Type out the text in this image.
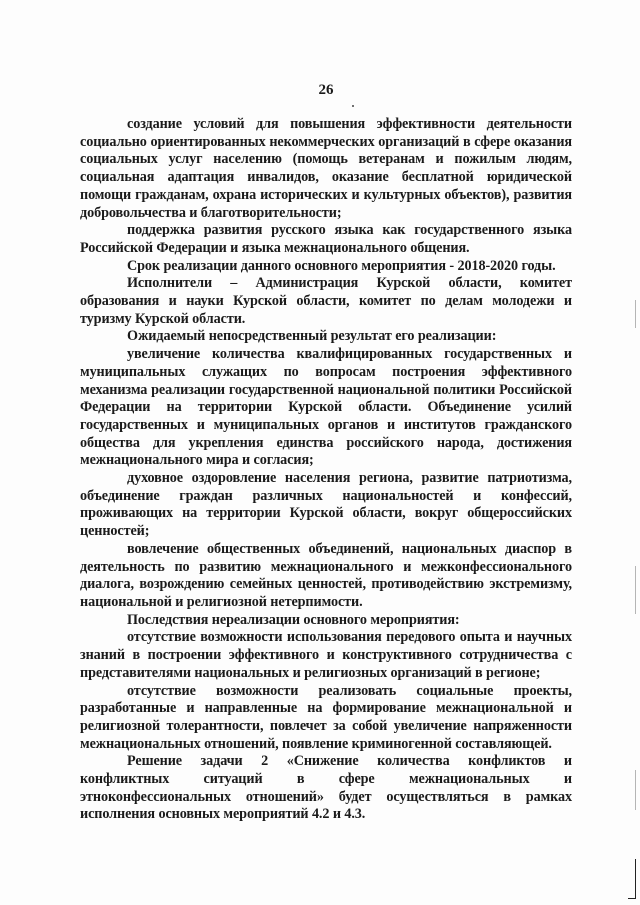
26

создание условий для повышения эффективности деятельности социально ориентированных некоммерческих организаций в сфере оказания социальных услуг населению (помощь ветеранам и пожилым людям, социальная адаптация инвалидов, оказание бесплатной юридической помощи гражданам, охрана исторических и культурных объектов), развития добровольчества и благотворительности;

поддержка развития русского языка как государственного языка Российской Федерации и языка межнационального общения.

Срок реализации данного основного мероприятия - 2018-2020 годы.

Исполнители – Администрация Курской области, комитет образования и науки Курской области, комитет по делам молодежи и туризму Курской области.

Ожидаемый непосредственный результат его реализации:

увеличение количества квалифицированных государственных и муниципальных служащих по вопросам построения эффективного механизма реализации государственной национальной политики Российской Федерации на территории Курской области. Объединение усилий государственных и муниципальных органов и институтов гражданского общества для укрепления единства российского народа, достижения межнационального мира и согласия;

духовное оздоровление населения региона, развитие патриотизма, объединение граждан различных национальностей и конфессий, проживающих на территории Курской области, вокруг общероссийских ценностей;

вовлечение общественных объединений, национальных диаспор в деятельность по развитию межнационального и межконфессионального диалога, возрождению семейных ценностей, противодействию экстремизму, национальной и религиозной нетерпимости.

Последствия нереализации основного мероприятия:

отсутствие возможности использования передового опыта и научных знаний в построении эффективного и конструктивного сотрудничества с представителями национальных и религиозных организаций в регионе;

отсутствие возможности реализовать социальные проекты, разработанные и направленные на формирование межнациональной и религиозной толерантности, повлечет за собой увеличение напряженности межнациональных отношений, появление криминогенной составляющей.

Решение задачи 2 «Снижение количества конфликтов и конфликтных ситуаций в сфере межнациональных и этноконфессиональных отношений» будет осуществляться в рамках исполнения основных мероприятий 4.2 и 4.3.
